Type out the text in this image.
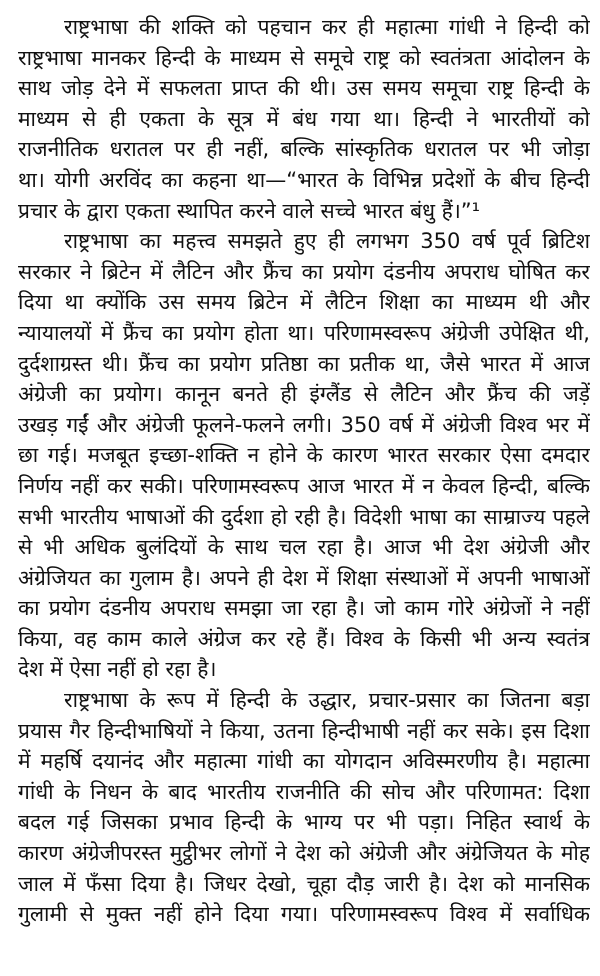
राष्ट्रभाषा की शक्ति को पहचान कर ही महात्मा गांधी ने हिन्दी को
राष्ट्रभाषा मानकर हिन्दी के माध्यम से समूचे राष्ट्र को स्वतंत्रता आंदोलन के
साथ जोड़ देने में सफलता प्राप्त की थी। उस समय समूचा राष्ट्र हिन्दी के
माध्यम से ही एकता के सूत्र में बंध गया था। हिन्दी ने भारतीयों को
राजनीतिक धरातल पर ही नहीं, बल्कि सांस्कृतिक धरातल पर भी जोड़ा
था। योगी अरविंद का कहना था—“भारत के विभिन्न प्रदेशों के बीच हिन्दी
प्रचार के द्वारा एकता स्थापित करने वाले सच्चे भारत बंधु हैं।”¹
राष्ट्रभाषा का महत्त्व समझते हुए ही लगभग 350 वर्ष पूर्व ब्रिटिश
सरकार ने ब्रिटेन में लैटिन और फ्रैंच का प्रयोग दंडनीय अपराध घोषित कर
दिया था क्योंकि उस समय ब्रिटेन में लैटिन शिक्षा का माध्यम थी और
न्यायालयों में फ्रैंच का प्रयोग होता था। परिणामस्वरूप अंग्रेजी उपेक्षित थी,
दुर्दशाग्रस्त थी। फ्रैंच का प्रयोग प्रतिष्ठा का प्रतीक था, जैसे भारत में आज
अंग्रेजी का प्रयोग। कानून बनते ही इंग्लैंड से लैटिन और फ्रैंच की जड़ें
उखड़ गईं और अंग्रेजी फूलने-फलने लगी। 350 वर्ष में अंग्रेजी विश्व भर में
छा गई। मजबूत इच्छा-शक्ति न होने के कारण भारत सरकार ऐसा दमदार
निर्णय नहीं कर सकी। परिणामस्वरूप आज भारत में न केवल हिन्दी, बल्कि
सभी भारतीय भाषाओं की दुर्दशा हो रही है। विदेशी भाषा का साम्राज्य पहले
से भी अधिक बुलंदियों के साथ चल रहा है। आज भी देश अंग्रेजी और
अंग्रेजियत का गुलाम है। अपने ही देश में शिक्षा संस्थाओं में अपनी भाषाओं
का प्रयोग दंडनीय अपराध समझा जा रहा है। जो काम गोरे अंग्रेजों ने नहीं
किया, वह काम काले अंग्रेज कर रहे हैं। विश्व के किसी भी अन्य स्वतंत्र
देश में ऐसा नहीं हो रहा है।
राष्ट्रभाषा के रूप में हिन्दी के उद्धार, प्रचार-प्रसार का जितना बड़ा
प्रयास गैर हिन्दीभाषियों ने किया, उतना हिन्दीभाषी नहीं कर सके। इस दिशा
में महर्षि दयानंद और महात्मा गांधी का योगदान अविस्मरणीय है। महात्मा
गांधी के निधन के बाद भारतीय राजनीति की सोच और परिणामत: दिशा
बदल गई जिसका प्रभाव हिन्दी के भाग्य पर भी पड़ा। निहित स्वार्थ के
कारण अंग्रेजीपरस्त मुट्ठीभर लोगों ने देश को अंग्रेजी और अंग्रेजियत के मोह
जाल में फँसा दिया है। जिधर देखो, चूहा दौड़ जारी है। देश को मानसिक
गुलामी से मुक्त नहीं होने दिया गया। परिणामस्वरूप विश्व में सर्वाधिक
